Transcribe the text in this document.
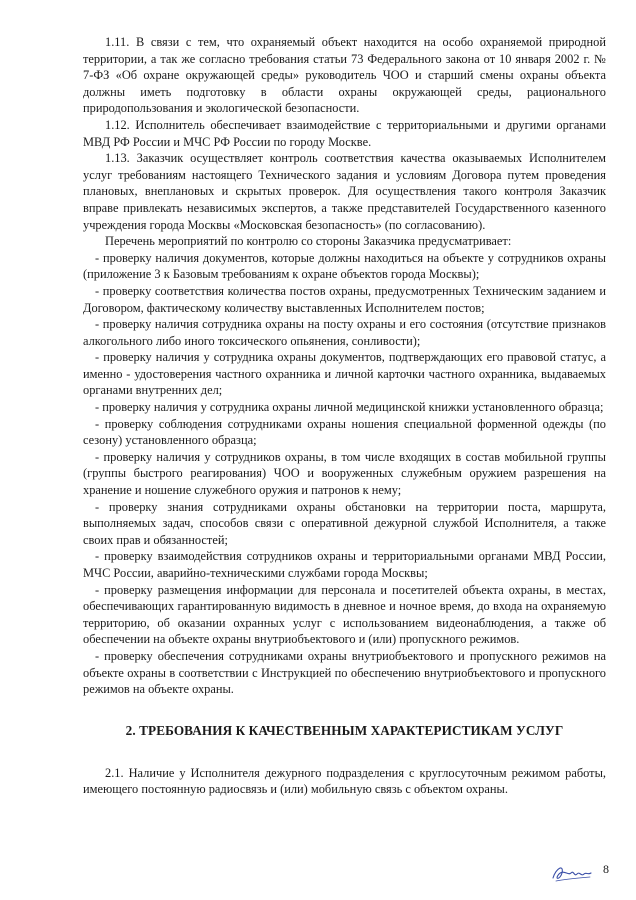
1.11. В связи с тем, что охраняемый объект находится на особо охраняемой природной территории, а так же согласно требования статьи 73 Федерального закона от 10 января 2002 г. № 7-ФЗ «Об охране окружающей среды» руководитель ЧОО и старший смены охраны объекта должны иметь подготовку в области охраны окружающей среды, рационального природопользования и экологической безопасности.

1.12. Исполнитель обеспечивает взаимодействие с территориальными и другими органами МВД РФ России и МЧС РФ России по городу Москве.

1.13. Заказчик осуществляет контроль соответствия качества оказываемых Исполнителем услуг требованиям настоящего Технического задания и условиям Договора путем проведения плановых, внеплановых и скрытых проверок. Для осуществления такого контроля Заказчик вправе привлекать независимых экспертов, а также представителей Государственного казенного учреждения города Москвы «Московская безопасность» (по согласованию).

Перечень мероприятий по контролю со стороны Заказчика предусматривает:

- проверку наличия документов, которые должны находиться на объекте у сотрудников охраны (приложение 3 к Базовым требованиям к охране объектов города Москвы);

- проверку соответствия количества постов охраны, предусмотренных Техническим заданием и Договором, фактическому количеству выставленных Исполнителем постов;

- проверку наличия сотрудника охраны на посту охраны и его состояния (отсутствие признаков алкогольного либо иного токсического опьянения, сонливости);

- проверку наличия у сотрудника охраны документов, подтверждающих его правовой статус, а именно - удостоверения частного охранника и личной карточки частного охранника, выдаваемых органами внутренних дел;

- проверку наличия у сотрудника охраны личной медицинской книжки установленного образца;

- проверку соблюдения сотрудниками охраны ношения специальной форменной одежды (по сезону) установленного образца;

- проверку наличия у сотрудников охраны, в том числе входящих в состав мобильной группы (группы быстрого реагирования) ЧОО и вооруженных служебным оружием разрешения на хранение и ношение служебного оружия и патронов к нему;

- проверку знания сотрудниками охраны обстановки на территории поста, маршрута, выполняемых задач, способов связи с оперативной дежурной службой Исполнителя, а также своих прав и обязанностей;

- проверку взаимодействия сотрудников охраны и территориальными органами МВД России, МЧС России, аварийно-техническими службами города Москвы;

- проверку размещения информации для персонала и посетителей объекта охраны, в местах, обеспечивающих гарантированную видимость в дневное и ночное время, до входа на охраняемую территорию, об оказании охранных услуг с использованием видеонаблюдения, а также об обеспечении на объекте охраны внутриобъектового и (или) пропускного режимов.

- проверку обеспечения сотрудниками охраны внутриобъектового и пропускного режимов на объекте охраны в соответствии с Инструкцией по обеспечению внутриобъектового и пропускного режимов на объекте охраны.

2. ТРЕБОВАНИЯ К КАЧЕСТВЕННЫМ ХАРАКТЕРИСТИКАМ УСЛУГ

2.1. Наличие у Исполнителя дежурного подразделения с круглосуточным режимом работы, имеющего постоянную радиосвязь и (или) мобильную связь с объектом охраны.

8
